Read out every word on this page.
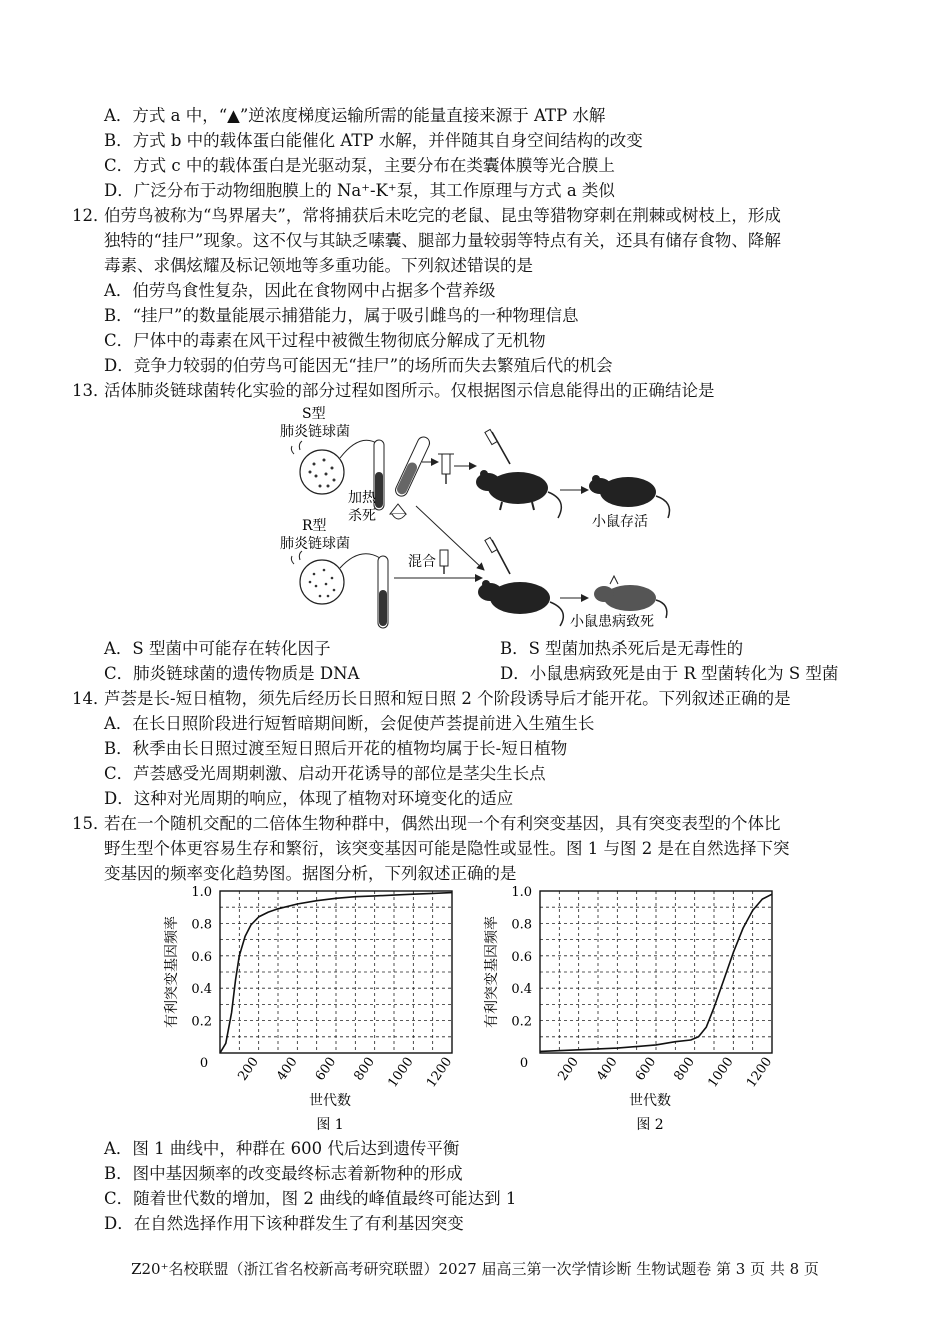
A．方式 a 中，“▲”逆浓度梯度运输所需的能量直接来源于 ATP 水解
B．方式 b 中的载体蛋白能催化 ATP 水解，并伴随其自身空间结构的改变
C．方式 c 中的载体蛋白是光驱动泵，主要分布在类囊体膜等光合膜上
D．广泛分布于动物细胞膜上的 Na⁺-K⁺泵，其工作原理与方式 a 类似
12．
伯劳鸟被称为“鸟界屠夫”，常将捕获后未吃完的老鼠、昆虫等猎物穿刺在荆棘或树枝上，形成
独特的“挂尸”现象。这不仅与其缺乏嗉囊、腿部力量较弱等特点有关，还具有储存食物、降解
毒素、求偶炫耀及标记领地等多重功能。下列叙述错误的是
A．伯劳鸟食性复杂，因此在食物网中占据多个营养级
B．“挂尸”的数量能展示捕猎能力，属于吸引雌鸟的一种物理信息
C．尸体中的毒素在风干过程中被微生物彻底分解成了无机物
D．竞争力较弱的伯劳鸟可能因无“挂尸”的场所而失去繁殖后代的机会
13．
活体肺炎链球菌转化实验的部分过程如图所示。仅根据图示信息能得出的正确结论是
S型
肺炎链球菌
加热
杀死	小鼠存活
R型
肺炎链球菌
混合
小鼠患病致死
A．S 型菌中可能存在转化因子	B．S 型菌加热杀死后是无毒性的
C．肺炎链球菌的遗传物质是 DNA	D．小鼠患病致死是由于 R 型菌转化为 S 型菌
14．
芦荟是长-短日植物，须先后经历长日照和短日照 2 个阶段诱导后才能开花。下列叙述正确的是
A．在长日照阶段进行短暂暗期间断，会促使芦荟提前进入生殖生长
B．秋季由长日照过渡至短日照后开花的植物均属于长-短日植物
C．芦荟感受光周期刺激、启动开花诱导的部位是茎尖生长点
D．这种对光周期的响应，体现了植物对环境变化的适应
15．
若在一个随机交配的二倍体生物种群中，偶然出现一个有利突变基因，具有突变表型的个体比
野生型个体更容易生存和繁衍，该突变基因可能是隐性或显性。图 1 与图 2 是在自然选择下突
变基因的频率变化趋势图。据图分析，下列叙述正确的是
0.2
0.4
0.6
0.8
1.0
0 200 400 600 800 1000 1200
世代数
有利突变基因频率
图 1
0.2
0.4
0.6
0.8
1.0
0 200 400 600 800 1000 1200
世代数
有利突变基因频率
图 2
A．图 1 曲线中，种群在 600 代后达到遗传平衡
B．图中基因频率的改变最终标志着新物种的形成
C．随着世代数的增加，图 2 曲线的峰值最终可能达到 1
D．在自然选择作用下该种群发生了有利基因突变
Z20⁺名校联盟（浙江省名校新高考研究联盟）2027 届高三第一次学情诊断 生物试题卷 第 3 页 共 8 页
